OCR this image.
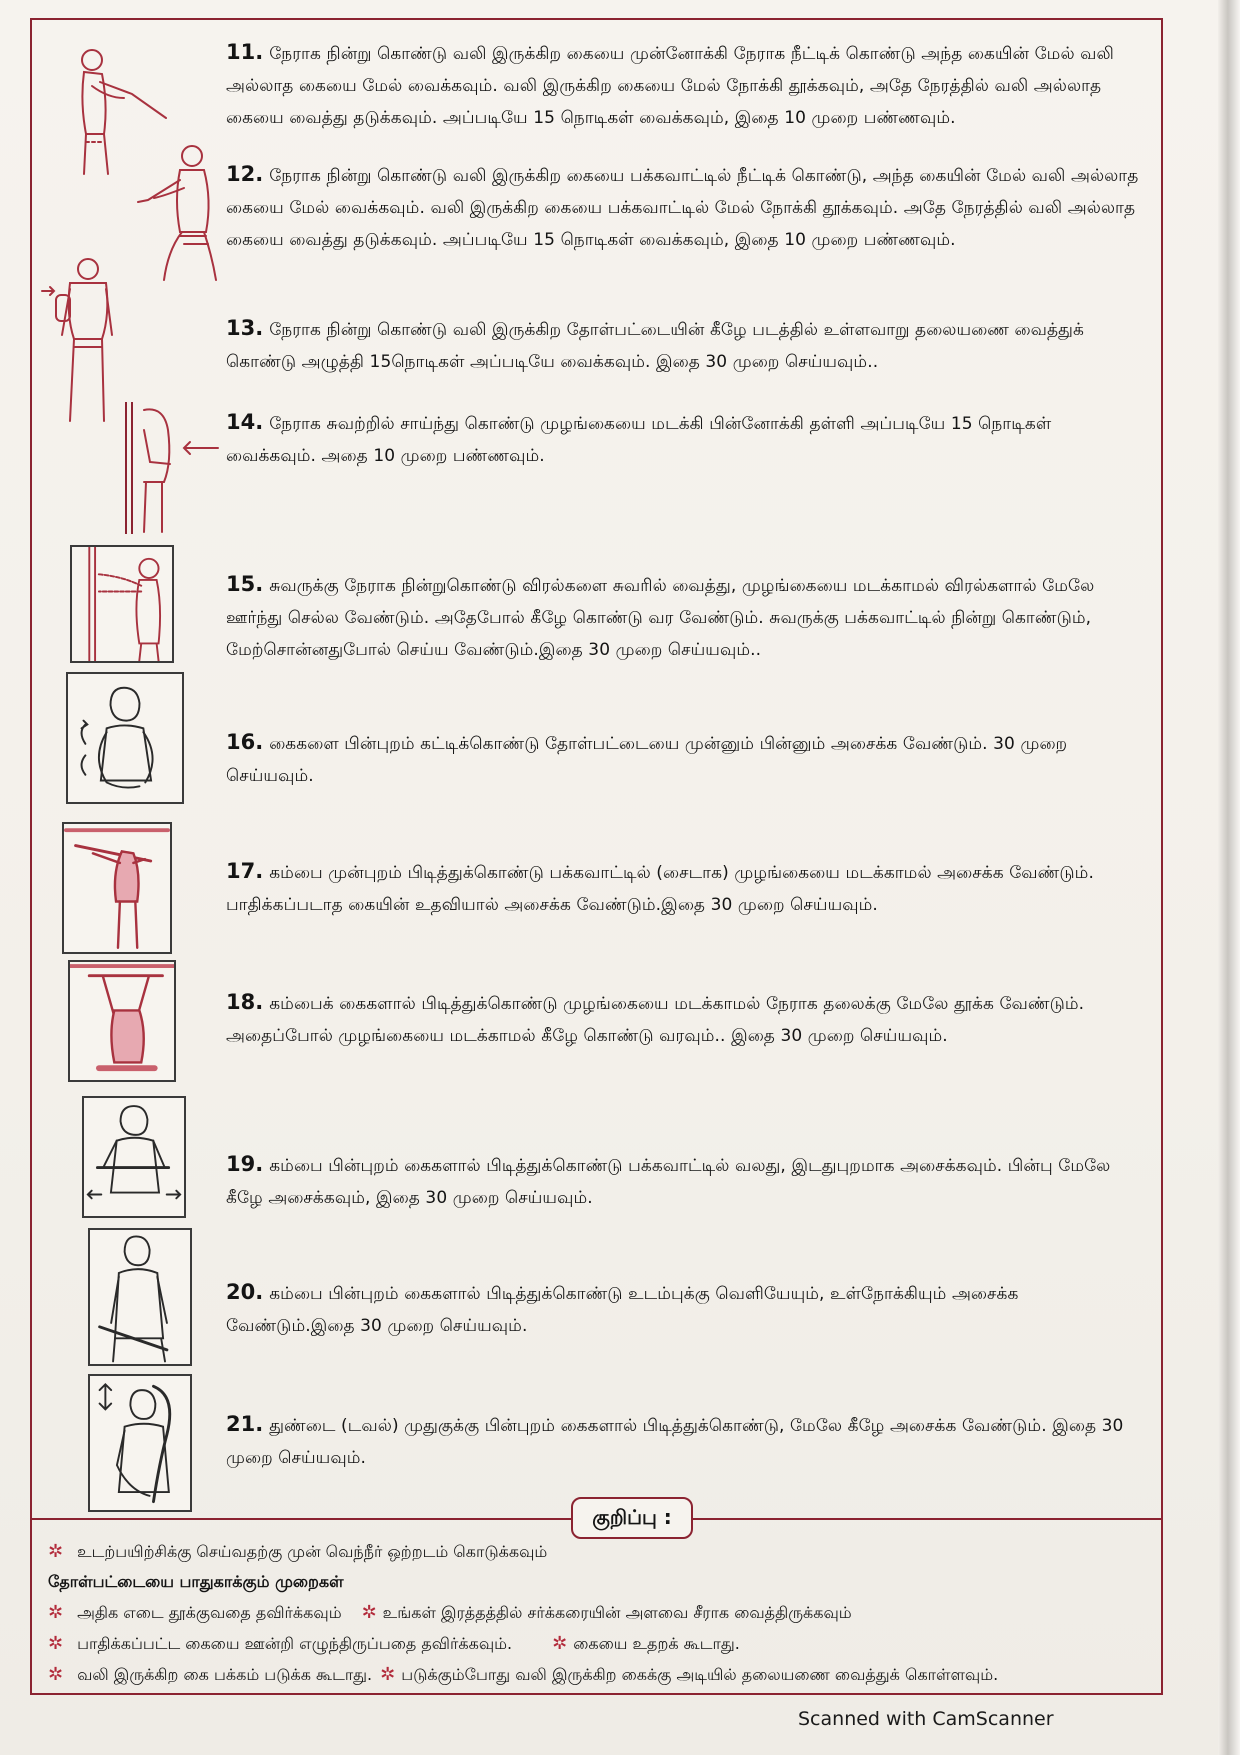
11. நேராக நின்று கொண்டு வலி இருக்கிற கையை முன்னோக்கி நேராக நீட்டிக் கொண்டு அந்த கையின் மேல் வலி அல்லாத கையை மேல் வைக்கவும். வலி இருக்கிற கையை மேல் நோக்கி தூக்கவும், அதே நேரத்தில் வலி அல்லாத கையை வைத்து தடுக்கவும். அப்படியே 15 நொடிகள் வைக்கவும், இதை 10 முறை பண்ணவும்.
12. நேராக நின்று கொண்டு வலி இருக்கிற கையை பக்கவாட்டில் நீட்டிக் கொண்டு, அந்த கையின் மேல் வலி அல்லாத கையை மேல் வைக்கவும். வலி இருக்கிற கையை பக்கவாட்டில் மேல் நோக்கி தூக்கவும். அதே நேரத்தில் வலி அல்லாத கையை வைத்து தடுக்கவும். அப்படியே 15 நொடிகள் வைக்கவும், இதை 10 முறை பண்ணவும்.
13. நேராக நின்று கொண்டு வலி இருக்கிற தோள்பட்டையின் கீழே படத்தில் உள்ளவாறு தலையணை வைத்துக் கொண்டு அழுத்தி 15நொடிகள் அப்படியே வைக்கவும். இதை 30 முறை செய்யவும்..
14. நேராக சுவற்றில் சாய்ந்து கொண்டு முழங்கையை மடக்கி பின்னோக்கி தள்ளி அப்படியே 15 நொடிகள் வைக்கவும். அதை 10 முறை பண்ணவும்.
15. சுவருக்கு நேராக நின்றுகொண்டு விரல்களை சுவரில் வைத்து, முழங்கையை மடக்காமல் விரல்களால் மேலே ஊர்ந்து செல்ல வேண்டும். அதேபோல் கீழே கொண்டு வர வேண்டும். சுவருக்கு பக்கவாட்டில் நின்று கொண்டும், மேற்சொன்னதுபோல் செய்ய வேண்டும்.இதை 30 முறை செய்யவும்..
16. கைகளை பின்புறம் கட்டிக்கொண்டு தோள்பட்டையை முன்னும் பின்னும் அசைக்க வேண்டும். 30 முறை செய்யவும்.
17. கம்பை முன்புறம் பிடித்துக்கொண்டு பக்கவாட்டில் (சைடாக) முழங்கையை மடக்காமல் அசைக்க வேண்டும். பாதிக்கப்படாத கையின் உதவியால் அசைக்க வேண்டும்.இதை 30 முறை செய்யவும்.
18. கம்பைக் கைகளால் பிடித்துக்கொண்டு முழங்கையை மடக்காமல் நேராக தலைக்கு மேலே தூக்க வேண்டும். அதைப்போல் முழங்கையை மடக்காமல் கீழே கொண்டு வரவும்.. இதை 30 முறை செய்யவும்.
19. கம்பை பின்புறம் கைகளால் பிடித்துக்கொண்டு பக்கவாட்டில் வலது, இடதுபுறமாக அசைக்கவும். பின்பு மேலே கீழே அசைக்கவும், இதை 30 முறை செய்யவும்.
20. கம்பை பின்புறம் கைகளால் பிடித்துக்கொண்டு உடம்புக்கு வெளியேயும், உள்நோக்கியும் அசைக்க வேண்டும்.இதை 30 முறை செய்யவும்.
21. துண்டை (டவல்) முதுகுக்கு பின்புறம் கைகளால் பிடித்துக்கொண்டு, மேலே கீழே அசைக்க வேண்டும். இதை 30 முறை செய்யவும்.
குறிப்பு :
✲ உடற்பயிற்சிக்கு செய்வதற்கு முன் வெந்நீர் ஒற்றடம் கொடுக்கவும்
தோள்பட்டையை பாதுகாக்கும் முறைகள்
✲ அதிக எடை தூக்குவதை தவிர்க்கவும் ✲ உங்கள் இரத்தத்தில் சர்க்கரையின் அளவை சீராக வைத்திருக்கவும்
✲ பாதிக்கப்பட்ட கையை ஊன்றி எழுந்திருப்பதை தவிர்க்கவும். ✲ கையை உதறக் கூடாது.
✲ வலி இருக்கிற கை பக்கம் படுக்க கூடாது. ✲ படுக்கும்போது வலி இருக்கிற கைக்கு அடியில் தலையணை வைத்துக் கொள்ளவும்.
Scanned with CamScanner
